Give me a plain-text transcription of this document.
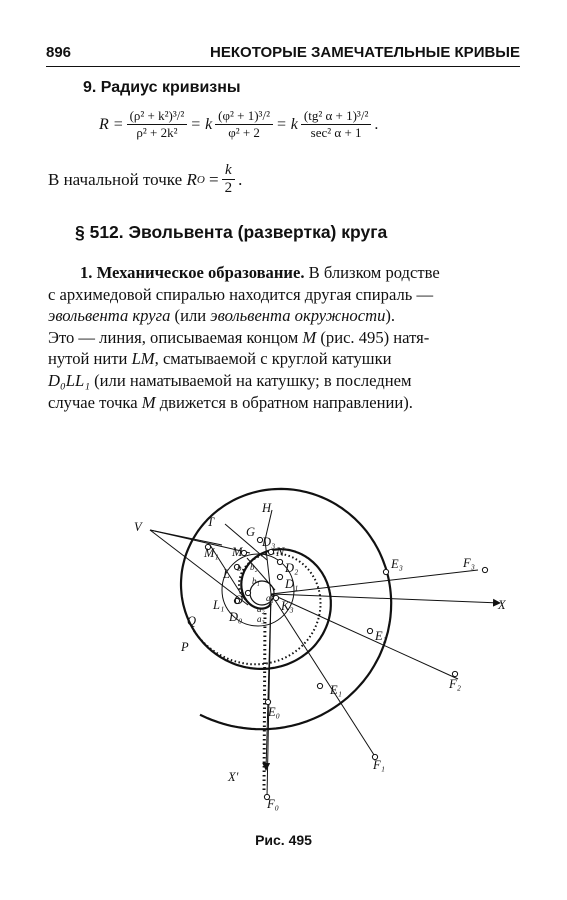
896	НЕКОТОРЫЕ ЗАМЕЧАТЕЛЬНЫЕ КРИВЫЕ
9. Радиус кривизны
$R = \frac{\text{(ρ² + k²)³/²}}{\text{ρ² + 2k²}} = k \frac{\text{(φ² + 1)³/²}}{\text{φ² + 2}} = k \frac{\text{(tg² α + 1)³/²}}{\text{sec² α + 1}}$ .
В начальной точке
R O
= $\frac{k}{2}$ .
§ 512. Эвольвента (развертка) круга
1. Механическое образование. В близком родстве
с архимедовой спиралью находится другая спираль —
эвольвента круга (или эвольвента окружности).
Это — линия, описываемая концом M (рис. 495) натя-
нутой нити LM, сматываемой с круглой катушки
D₀LL₁ (или наматываемой на катушку; в последнем
случае точка M движется в обратном направлении).
H
T
G
D₃
N
D₂
D₁
V
M₁ M
L
O
L₁	K₃
D₀
Q
P
E₃	F₃
X
E₂
F₂
E₁
E₀
F₁
X′
F₀
b₃ b₂
b₁
a₁
a₂
a₃
Рис. 495
